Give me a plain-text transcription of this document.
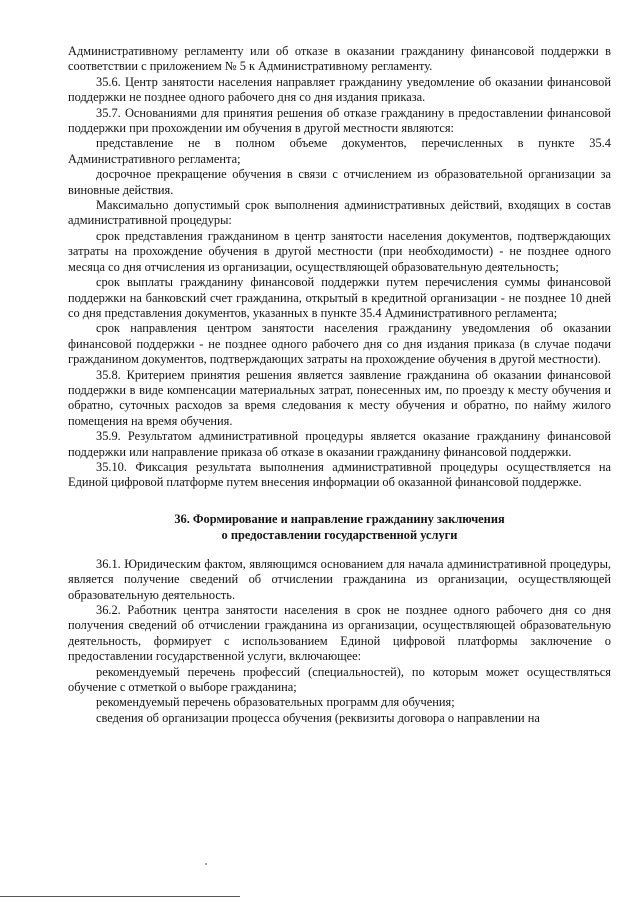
Административному регламенту или об отказе в оказании гражданину финансовой поддержки в соответствии с приложением № 5 к Административному регламенту.

35.6. Центр занятости населения направляет гражданину уведомление об оказании финансовой поддержки не позднее одного рабочего дня со дня издания приказа.

35.7. Основаниями для принятия решения об отказе гражданину в предоставлении финансовой поддержки при прохождении им обучения в другой местности являются:

представление не в полном объеме документов, перечисленных в пункте 35.4 Административного регламента;

досрочное прекращение обучения в связи с отчислением из образовательной организации за виновные действия.

Максимально допустимый срок выполнения административных действий, входящих в состав административной процедуры:

срок представления гражданином в центр занятости населения документов, подтверждающих затраты на прохождение обучения в другой местности (при необходимости) - не позднее одного месяца со дня отчисления из организации, осуществляющей образовательную деятельность;

срок выплаты гражданину финансовой поддержки путем перечисления суммы финансовой поддержки на банковский счет гражданина, открытый в кредитной организации - не позднее 10 дней со дня представления документов, указанных в пункте 35.4 Административного регламента;

срок направления центром занятости населения гражданину уведомления об оказании финансовой поддержки - не позднее одного рабочего дня со дня издания приказа (в случае подачи гражданином документов, подтверждающих затраты на прохождение обучения в другой местности).

35.8. Критерием принятия решения является заявление гражданина об оказании финансовой поддержки в виде компенсации материальных затрат, понесенных им, по проезду к месту обучения и обратно, суточных расходов за время следования к месту обучения и обратно, по найму жилого помещения на время обучения.

35.9. Результатом административной процедуры является оказание гражданину финансовой поддержки или направление приказа об отказе в оказании гражданину финансовой поддержки.

35.10. Фиксация результата выполнения административной процедуры осуществляется на Единой цифровой платформе путем внесения информации об оказанной финансовой поддержке.

36. Формирование и направление гражданину заключения
о предоставлении государственной услуги

36.1. Юридическим фактом, являющимся основанием для начала административной процедуры, является получение сведений об отчислении гражданина из организации, осуществляющей образовательную деятельность.

36.2. Работник центра занятости населения в срок не позднее одного рабочего дня со дня получения сведений об отчислении гражданина из организации, осуществляющей образовательную деятельность, формирует с использованием Единой цифровой платформы заключение о предоставлении государственной услуги, включающее:

рекомендуемый перечень профессий (специальностей), по которым может осуществляться обучение с отметкой о выборе гражданина;

рекомендуемый перечень образовательных программ для обучения;

сведения об организации процесса обучения (реквизиты договора о направлении на
